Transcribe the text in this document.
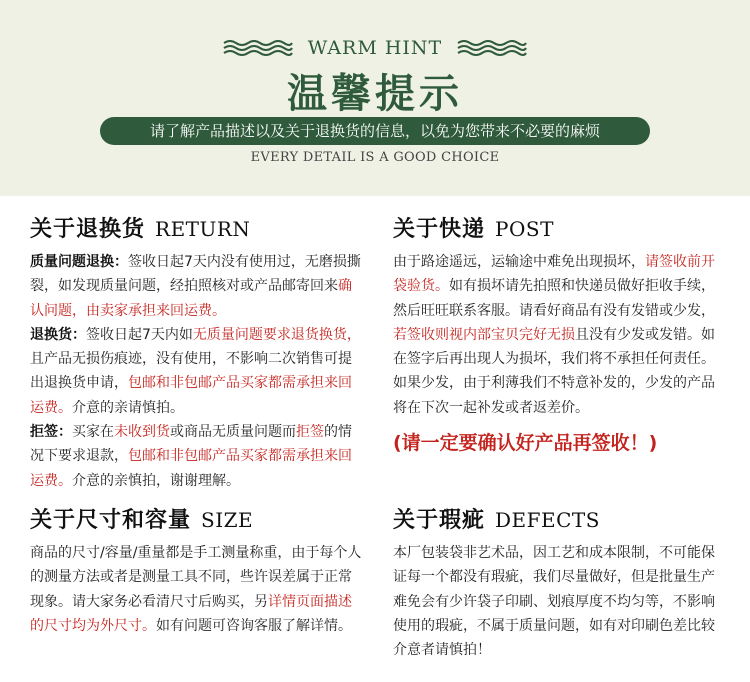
WARM HINT
温馨提示
请了解产品描述以及关于退换货的信息，以免为您带来不必要的麻烦
EVERY DETAIL IS A GOOD CHOICE
关于退换货 RETURN
质量问题退换：签收日起7天内没有使用过，无磨损撕裂，如发现质量问题，经拍照核对或产品邮寄回来确认问题，由卖家承担来回运费。
退换货：签收日起7天内如无质量问题要求退货换货，且产品无损伤痕迹，没有使用，不影响二次销售可提出退换货申请，包邮和非包邮产品买家都需承担来回运费。介意的亲请慎拍。
拒签：买家在未收到货或商品无质量问题而拒签的情况下要求退款，包邮和非包邮产品买家都需承担来回运费。介意的亲慎拍，谢谢理解。
关于快递 POST
由于路途遥远，运输途中难免出现损坏，请签收前开袋验货。如有损坏请先拍照和快递员做好拒收手续，然后旺旺联系客服。请看好商品有没有发错或少发，若签收则视内部宝贝完好无损且没有少发或发错。如在签字后再出现人为损坏，我们将不承担任何责任。如果少发，由于利薄我们不特意补发的，少发的产品将在下次一起补发或者返差价。
(请一定要确认好产品再签收！)
关于尺寸和容量 SIZE
商品的尺寸/容量/重量都是手工测量称重，由于每个人的测量方法或者是测量工具不同，些许误差属于正常现象。请大家务必看清尺寸后购买，另详情页面描述的尺寸均为外尺寸。如有问题可咨询客服了解详情。
关于瑕疵 DEFECTS
本厂包装袋非艺术品，因工艺和成本限制，不可能保证每一个都没有瑕疵，我们尽量做好，但是批量生产难免会有少许袋子印刷、划痕厚度不均匀等，不影响使用的瑕疵，不属于质量问题，如有对印刷色差比较介意者请慎拍！
